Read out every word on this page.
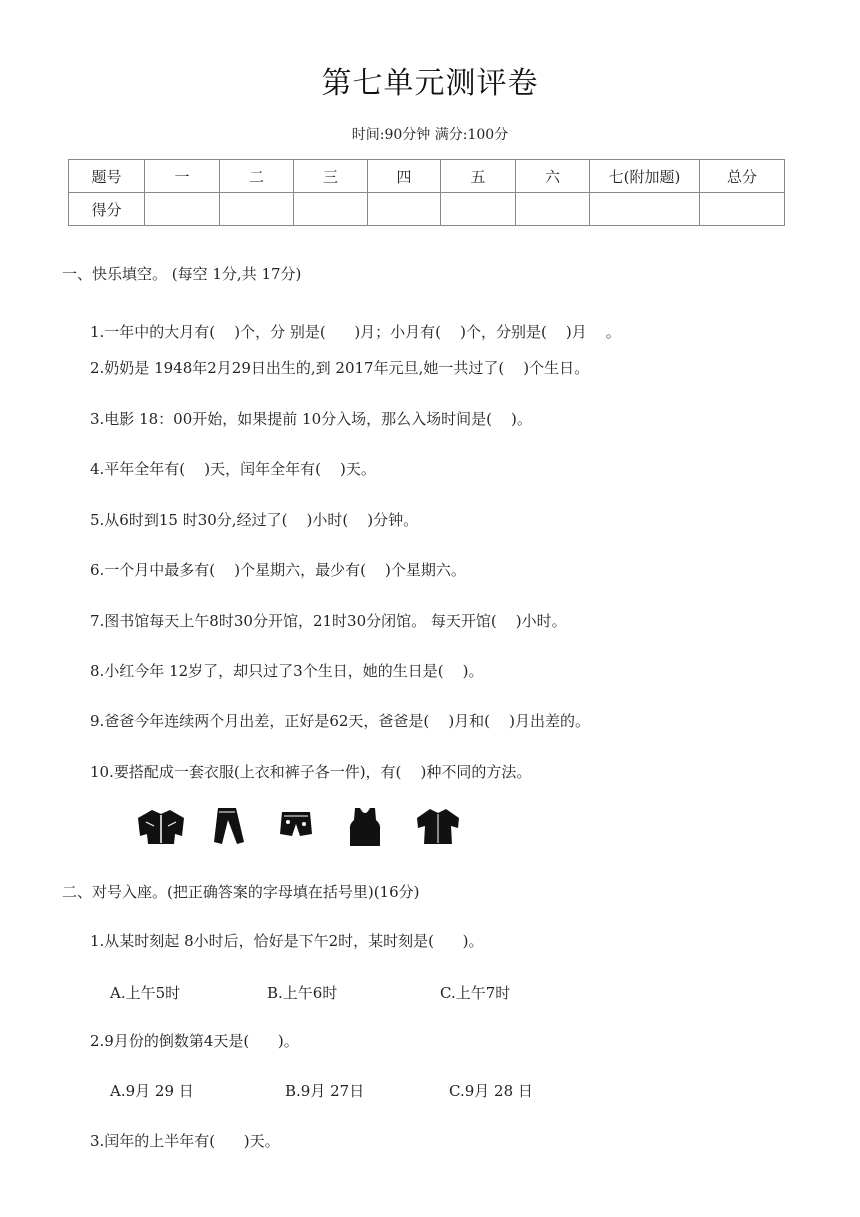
第七单元测评卷
时间:90分钟 满分:100分
题号	一	二	三	四	五	六	七(附加题)	总分
得分								
一、快乐填空。 (每空 1分,共 17分)
1.一年中的大月有(    )个，分 别是(      )月；小月有(    )个，分别是(    )月    。
2.奶奶是 1948年2月29日出生的,到 2017年元旦,她一共过了(    )个生日。
3.电影 18：00开始，如果提前 10分入场，那么入场时间是(    )。
4.平年全年有(    )天，闰年全年有(    )天。
5.从6时到15 时30分,经过了(    )小时(    )分钟。
6.一个月中最多有(    )个星期六，最少有(    )个星期六。
7.图书馆每天上午8时30分开馆，21时30分闭馆。 每天开馆(    )小时。
8.小红今年 12岁了，却只过了3个生日，她的生日是(    )。
9.爸爸今年连续两个月出差，正好是62天，爸爸是(    )月和(    )月出差的。
10.要搭配成一套衣服(上衣和裤子各一件)，有(    )种不同的方法。
二、对号入座。(把正确答案的字母填在括号里)(16分)
1.从某时刻起 8小时后，恰好是下午2时，某时刻是(      )。
A.上午5时	B.上午6时	C.上午7时
2.9月份的倒数第4天是(      )。
A.9月 29 日	B.9月 27日	C.9月 28 日
3.闰年的上半年有(      )天。
